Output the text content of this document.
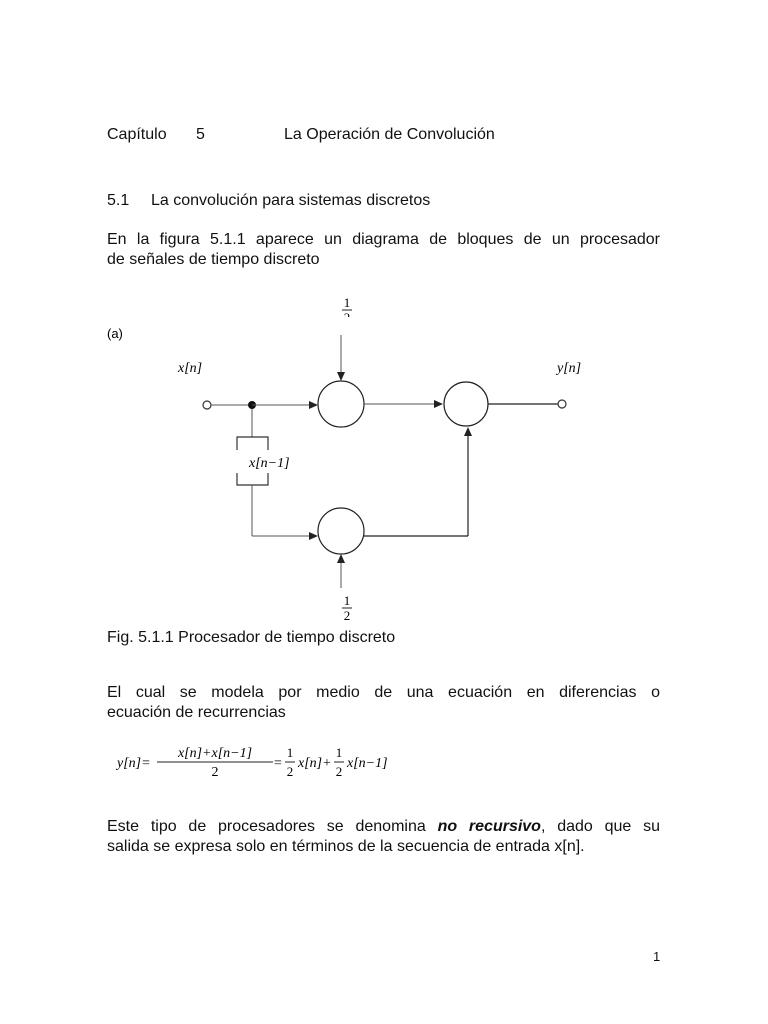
Capítulo 5	La Operación de Convolución
5.1 La convolución para sistemas discretos
En la figura 5.1.1 aparece un diagrama de bloques de un procesador
de señales de tiempo discreto
(a)
1
x[n]	y[n]
x[n−1]
1
2
Fig. 5.1.1 Procesador de tiempo discreto
El cual se modela por medio de una ecuación en diferencias o
ecuación de recurrencias
y[n]=
x[n]+x[n−1]
2
=
1
2
x[n]+
1
2
x[n−1]
Este tipo de procesadores se denomina no recursivo, dado que su
salida se expresa solo en términos de la secuencia de entrada x[n].
1
